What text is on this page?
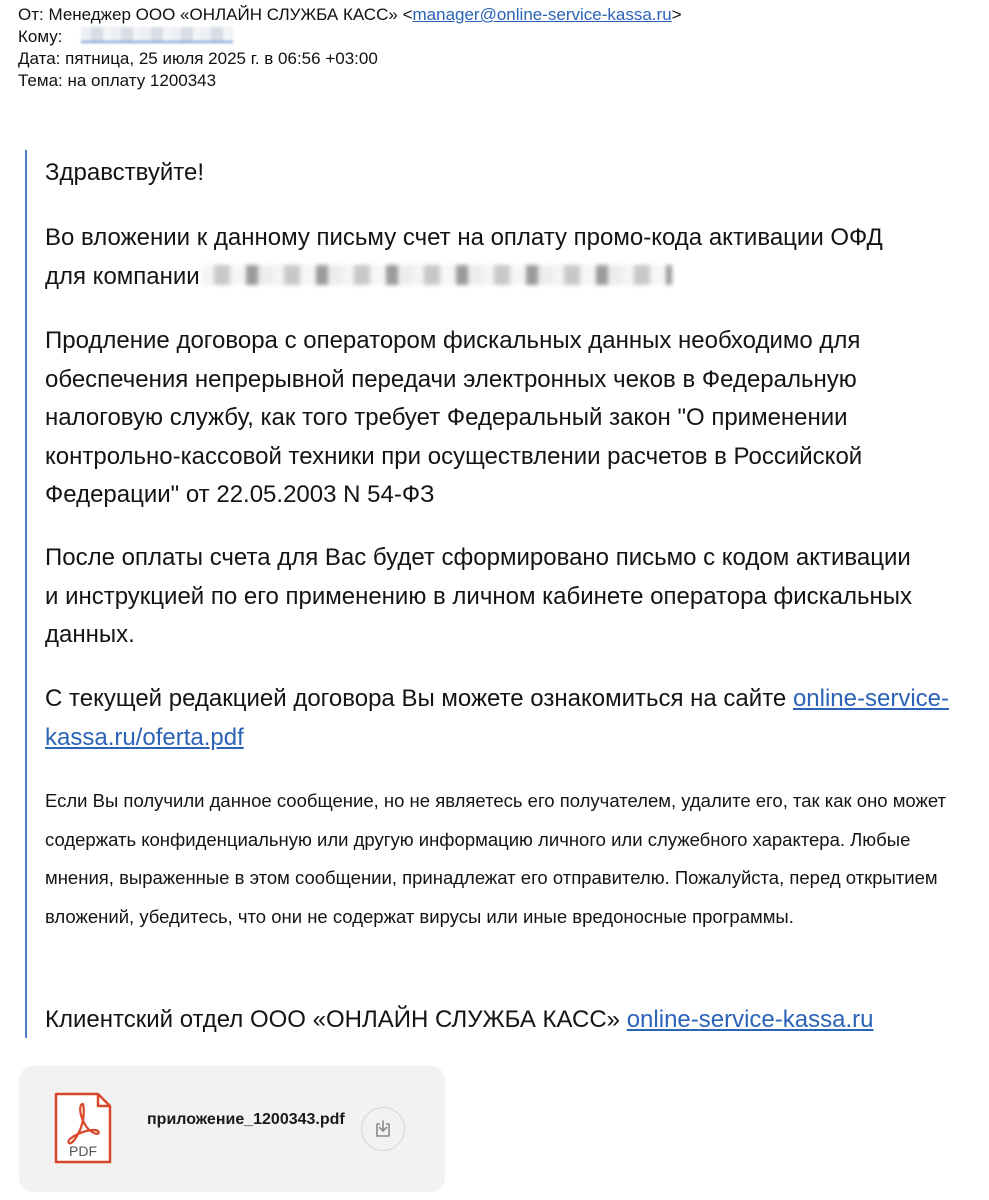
От: Менеджер ООО «ОНЛАЙН СЛУЖБА КАСС» <manager@online-service-kassa.ru>
Кому:
Дата: пятница, 25 июля 2025 г. в 06:56 +03:00
Тема: на оплату 1200343

Здравствуйте!

Во вложении к данному письму счет на оплату промо-кода активации ОФД для компании

Продление договора с оператором фискальных данных необходимо для обеспечения непрерывной передачи электронных чеков в Федеральную налоговую службу, как того требует Федеральный закон "О применении контрольно-кассовой техники при осуществлении расчетов в Российской Федерации" от 22.05.2003 N 54-ФЗ

После оплаты счета для Вас будет сформировано письмо с кодом активации и инструкцией по его применению в личном кабинете оператора фискальных данных.

С текущей редакцией договора Вы можете ознакомиться на сайте online-service-kassa.ru/oferta.pdf

Если Вы получили данное сообщение, но не являетесь его получателем, удалите его, так как оно может содержать конфиденциальную или другую информацию личного или служебного характера. Любые мнения, выраженные в этом сообщении, принадлежат его отправителю. Пожалуйста, перед открытием вложений, убедитесь, что они не содержат вирусы или иные вредоносные программы.

Клиентский отдел ООО «ОНЛАЙН СЛУЖБА КАСС» online-service-kassa.ru

PDF
приложение_1200343.pdf
